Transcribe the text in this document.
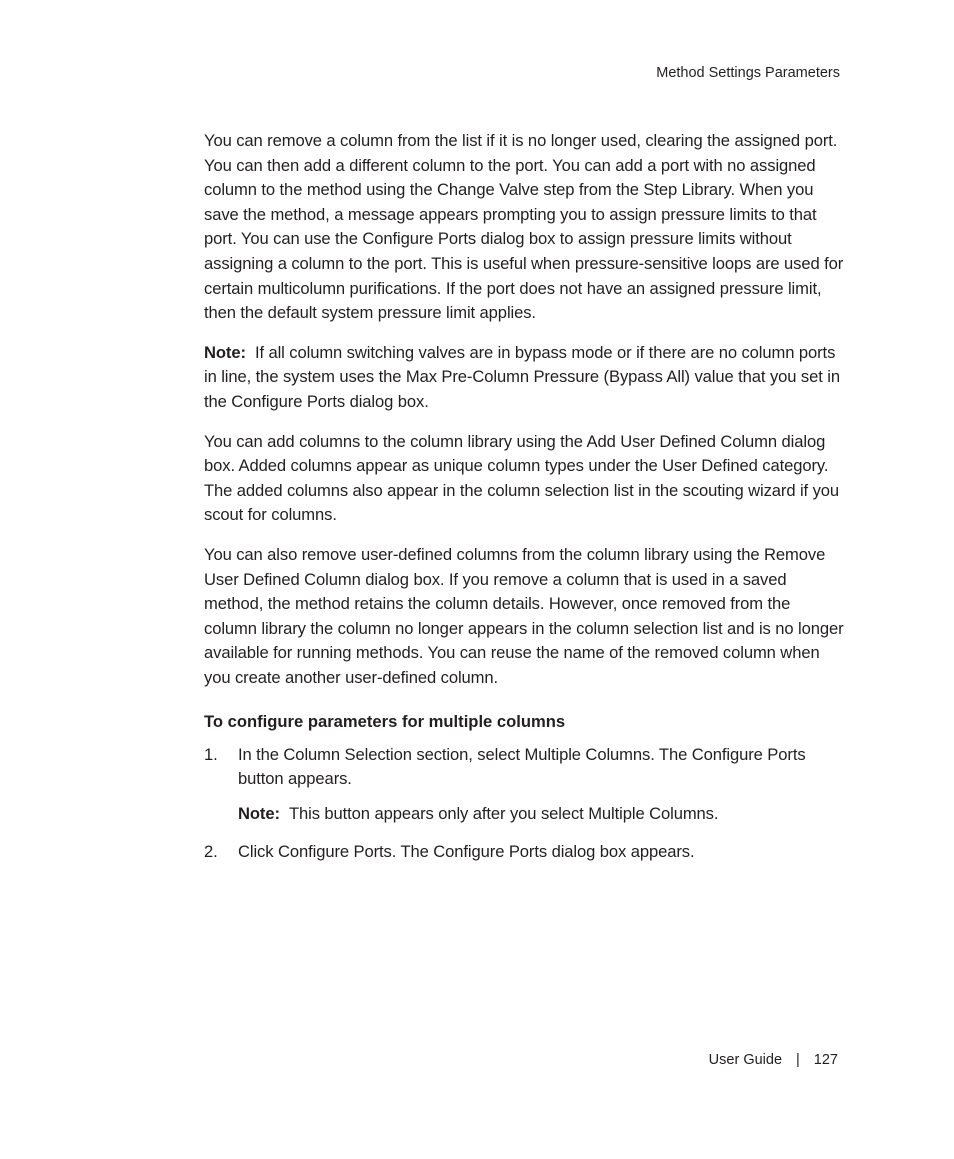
Method Settings Parameters

You can remove a column from the list if it is no longer used, clearing the assigned port. You can then add a different column to the port. You can add a port with no assigned column to the method using the Change Valve step from the Step Library. When you save the method, a message appears prompting you to assign pressure limits to that port. You can use the Configure Ports dialog box to assign pressure limits without assigning a column to the port. This is useful when pressure-sensitive loops are used for certain multicolumn purifications. If the port does not have an assigned pressure limit, then the default system pressure limit applies.

Note: If all column switching valves are in bypass mode or if there are no column ports in line, the system uses the Max Pre-Column Pressure (Bypass All) value that you set in the Configure Ports dialog box.

You can add columns to the column library using the Add User Defined Column dialog box. Added columns appear as unique column types under the User Defined category. The added columns also appear in the column selection list in the scouting wizard if you scout for columns.

You can also remove user-defined columns from the column library using the Remove User Defined Column dialog box. If you remove a column that is used in a saved method, the method retains the column details. However, once removed from the column library the column no longer appears in the column selection list and is no longer available for running methods. You can reuse the name of the removed column when you create another user-defined column.

To configure parameters for multiple columns
1.	In the Column Selection section, select Multiple Columns. The Configure Ports button appears.
Note: This button appears only after you select Multiple Columns.
2.	Click Configure Ports. The Configure Ports dialog box appears.
User Guide | 127
